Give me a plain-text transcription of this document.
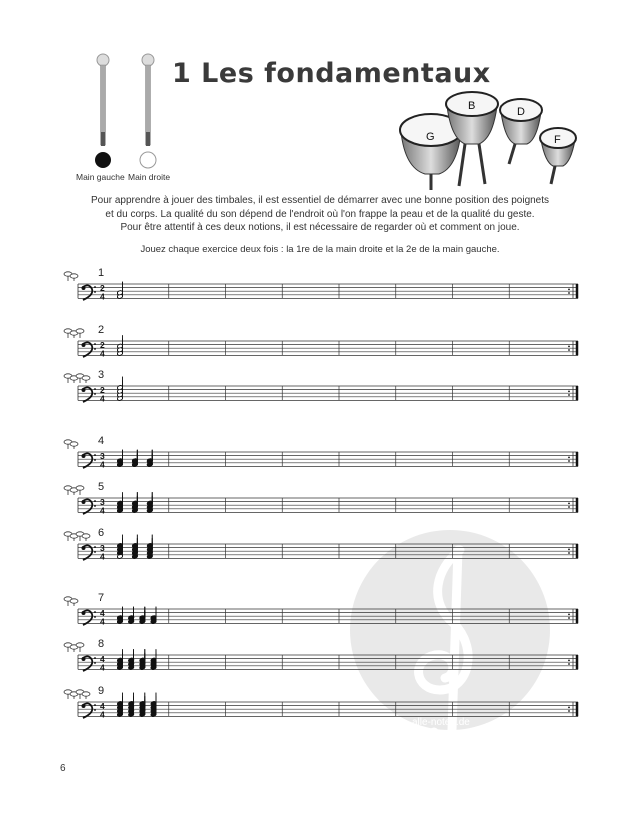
Main gauche Main droite
1 Les fondamentaux
G
B	D
F

Pour apprendre à jouer des timbales, il est essentiel de démarrer avec une bonne position des poignets

et du corps. La qualité du son dépend de l'endroit où l'on frappe la peau et de la qualité du geste.

Pour être attentif à ces deux notions, il est nécessaire de regarder où et comment on joue.

Jouez chaque exercice deux fois : la 1re de la main droite et la 2e de la main gauche.
alle-noten.de
1
2
4
2
2
4
3
2
4
4
3
4
5
3
4
6
3
4
7
4
4
8
4
4
9
4
4
6
